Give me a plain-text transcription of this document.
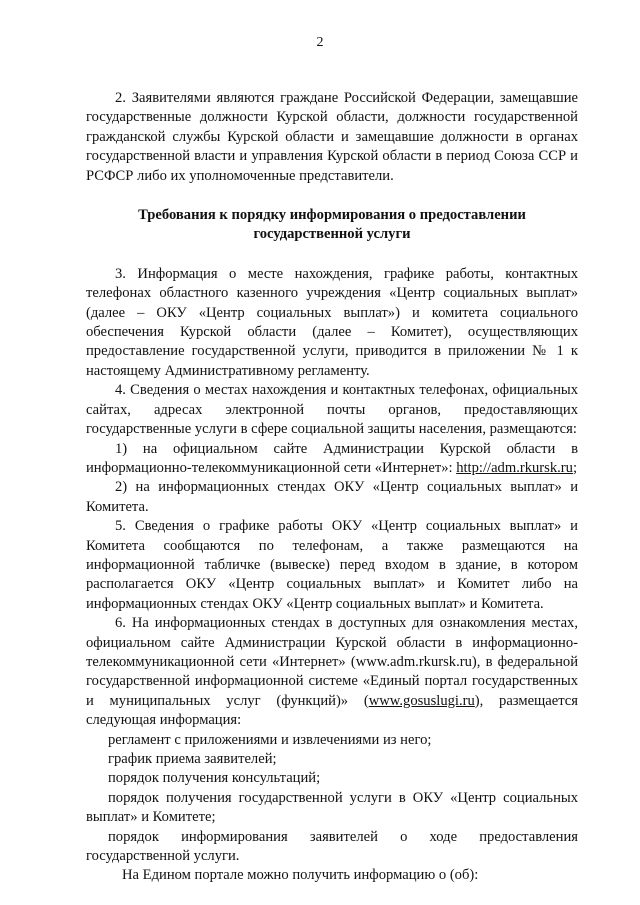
2

2. Заявителями являются граждане Российской Федерации, замещавшие государственные должности Курской области, должности государственной гражданской службы Курской области и замещавшие должности в органах государственной власти и управления Курской области в период Союза ССР и РСФСР либо их уполномоченные представители.

Требования к порядку информирования о предоставлении государственной услуги

3. Информация о месте нахождения, графике работы, контактных телефонах областного казенного учреждения «Центр социальных выплат» (далее – ОКУ «Центр социальных выплат») и комитета социального обеспечения Курской области (далее – Комитет), осуществляющих предоставление государственной услуги, приводится в приложении № 1 к настоящему Административному регламенту.

4. Сведения о местах нахождения и контактных телефонах, официальных сайтах, адресах электронной почты органов, предоставляющих государственные услуги в сфере социальной защиты населения, размещаются:

1) на официальном сайте Администрации Курской области в информационно-телекоммуникационной сети «Интернет»: http://adm.rkursk.ru;

2) на информационных стендах ОКУ «Центр социальных выплат» и Комитета.

5. Сведения о графике работы ОКУ «Центр социальных выплат» и Комитета сообщаются по телефонам, а также размещаются на информационной табличке (вывеске) перед входом в здание, в котором располагается ОКУ «Центр социальных выплат» и Комитет либо на информационных стендах ОКУ «Центр социальных выплат» и Комитета.

6. На информационных стендах в доступных для ознакомления местах, официальном сайте Администрации Курской области в информационно-телекоммуникационной сети «Интернет» (www.adm.rkursk.ru), в федеральной государственной информационной системе «Единый портал государственных и муниципальных услуг (функций)» (www.gosuslugi.ru), размещается следующая информация:

регламент с приложениями и извлечениями из него;

график приема заявителей;

порядок получения консультаций;

порядок получения государственной услуги в ОКУ «Центр социальных выплат» и Комитете;

порядок информирования заявителей о ходе предоставления государственной услуги.

На Едином портале можно получить информацию о (об):
